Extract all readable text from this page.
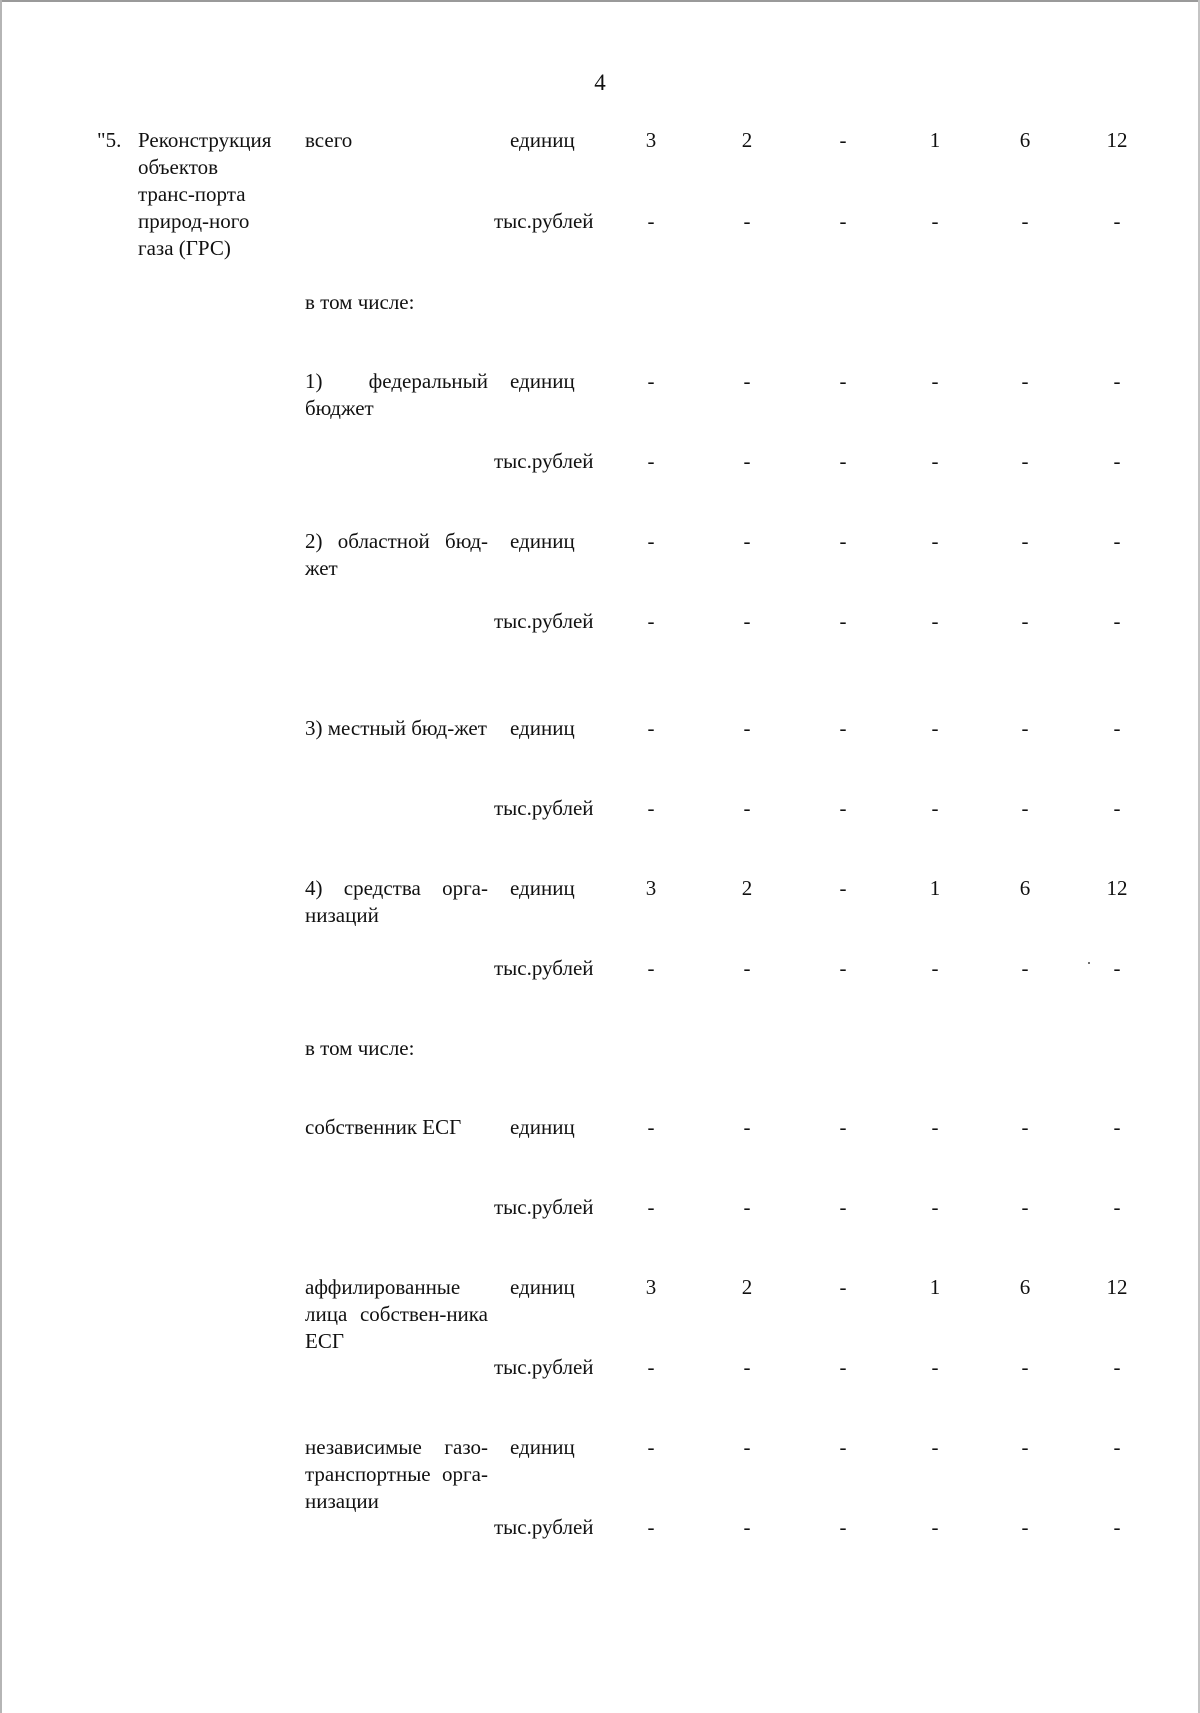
4
"5. Реконструкция объектов транс-порта природ-ного газа (ГРС)
всего	единиц	3	2	-	1	6	12
тыс.рублей	-	-	-	-	-	-
в том числе:
1) федеральный бюджет
единиц	-	-	-	-	-	-
тыс.рублей	-	-	-	-	-	-
2) областной бюд-жет
единиц	-	-	-	-	-	-
тыс.рублей	-	-	-	-	-	-
3) местный бюд-жет единиц	-	-	-	-	-	-
тыс.рублей	-	-	-	-	-	-
4) средства орга-низаций
единиц	3	2	-	1	6	12
тыс.рублей	-	-	-	-	-	-
в том числе:
собственник ЕСГ	единиц	-	-	-	-	-	-
тыс.рублей	-	-	-	-	-	-
аффилированные лица собствен-ника ЕСГ
единиц	3	2	-	1	6	12
тыс.рублей	-	-	-	-	-	-
независимые газо-транспортные орга-низации
единиц	-	-	-	-	-	-
тыс.рублей	-	-	-	-	-	-
